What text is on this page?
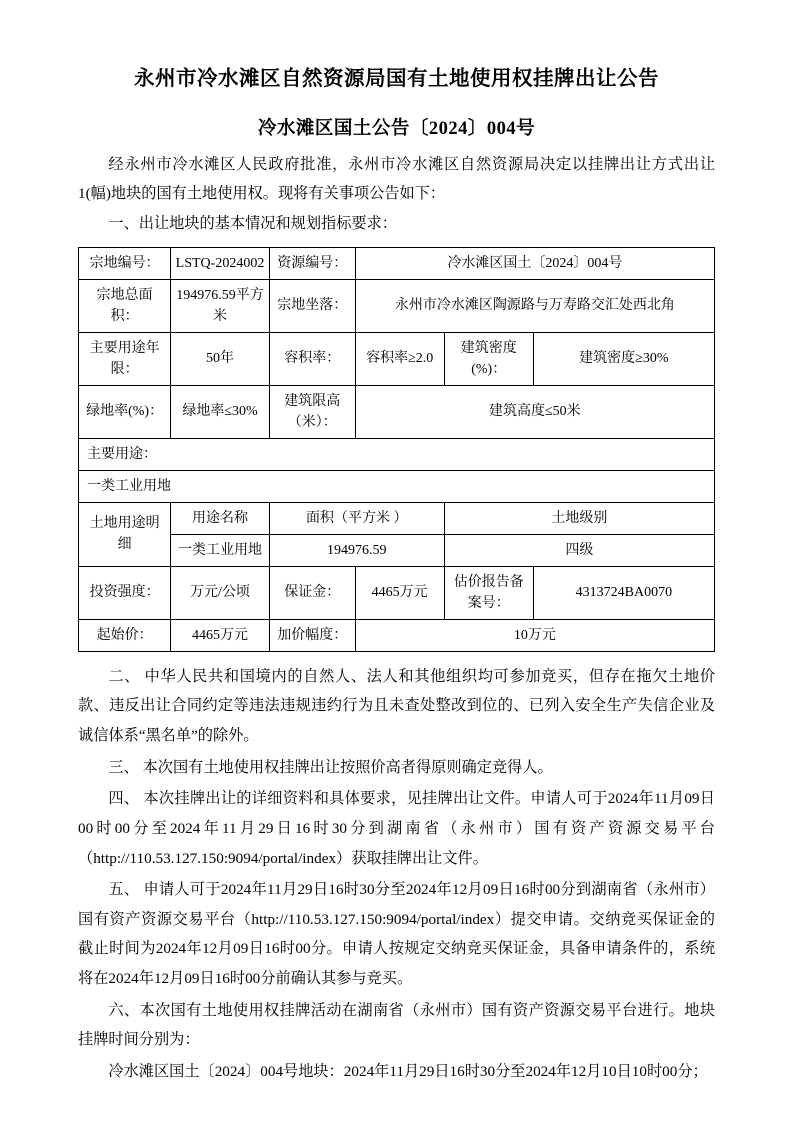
永州市冷水滩区自然资源局国有土地使用权挂牌出让公告
冷水滩区国土公告〔2024〕004号

经永州市冷水滩区人民政府批准，永州市冷水滩区自然资源局决定以挂牌出让方式出让1(幅)地块的国有土地使用权。现将有关事项公告如下：

一、出让地块的基本情况和规划指标要求：

宗地编号：	LSTQ-2024002	资源编号：	冷水滩区国土〔2024〕004号		
宗地总面积：	194976.59平方米	宗地坐落：	永州市冷水滩区陶源路与万寿路交汇处西北角		
主要用途年限：	50年	容积率：	容积率≥2.0	建筑密度(%)：	建筑密度≥30%
绿地率(%)：	绿地率≤30%	建筑限高（米）：	建筑高度≤50米		
主要用途：					
一类工业用地					
土地用途明细	用途名称	面积（平方米 ）		土地级别	
	一类工业用地	194976.59		四级	
投资强度：	万元/公顷	保证金：	4465万元	估价报告备案号：	4313724BA0070
起始价：	4465万元	加价幅度：	10万元		

二、 中华人民共和国境内的自然人、法人和其他组织均可参加竞买，但存在拖欠土地价款、违反出让合同约定等违法违规违约行为且未查处整改到位的、已列入安全生产失信企业及诚信体系“黑名单”的除外。

三、 本次国有土地使用权挂牌出让按照价高者得原则确定竞得人。

四、 本次挂牌出让的详细资料和具体要求，见挂牌出让文件。申请人可于2024年11月09日00时00分至2024年11月29日16时30分到湖南省（永州市）国有资产资源交易平台（http://110.53.127.150:9094/portal/index）获取挂牌出让文件。

五、 申请人可于2024年11月29日16时30分至2024年12月09日16时00分到湖南省（永州市）国有资产资源交易平台（http://110.53.127.150:9094/portal/index）提交申请。交纳竞买保证金的截止时间为2024年12月09日16时00分。申请人按规定交纳竞买保证金，具备申请条件的，系统将在2024年12月09日16时00分前确认其参与竞买。

六、本次国有土地使用权挂牌活动在湖南省（永州市）国有资产资源交易平台进行。地块挂牌时间分别为：

冷水滩区国土〔2024〕004号地块：2024年11月29日16时30分至2024年12月10日10时00分；
